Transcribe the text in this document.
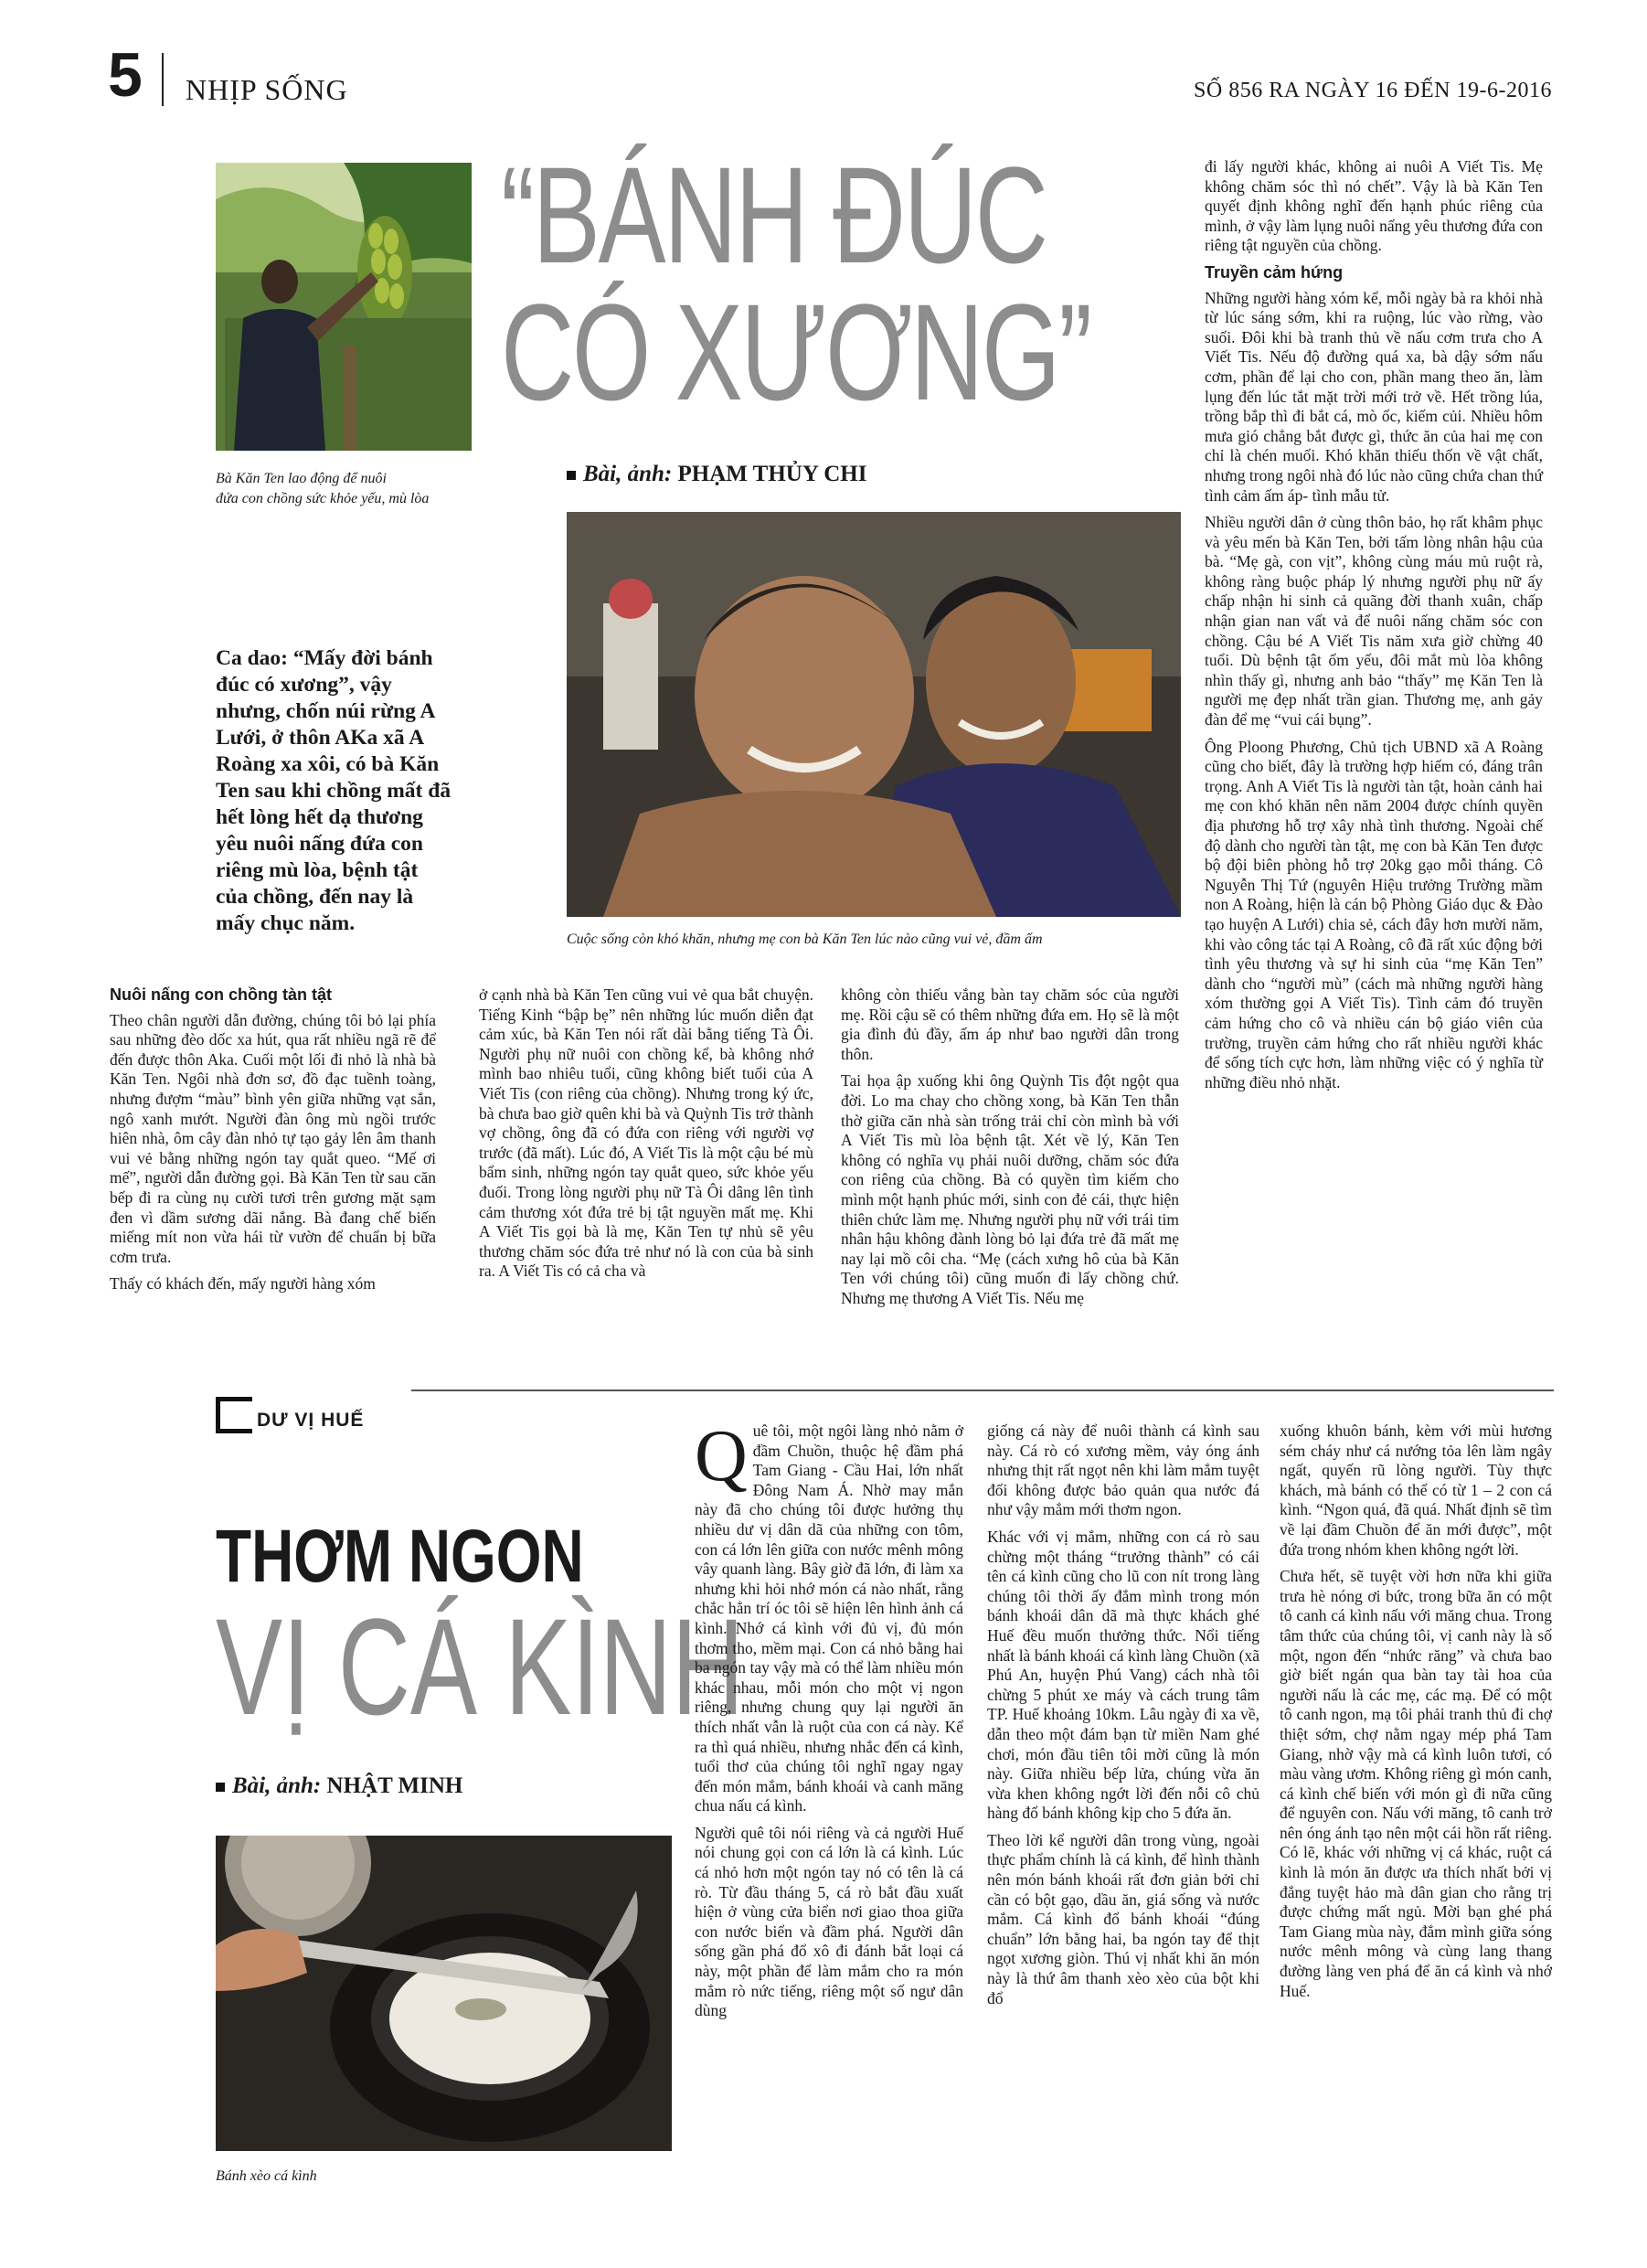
5 NHỊP SỐNG	SỐ 856 RA NGÀY 16 ĐẾN 19-6-2016
Bà Kăn Ten lao động để nuôi
đứa con chồng sức khỏe yếu, mù lòa
“BÁNH ĐÚC
CÓ XƯƠNG”
Bài, ảnh: PHẠM THỦY CHI
Cuộc sống còn khó khăn, nhưng mẹ con bà Kăn Ten lúc nào cũng vui vẻ, đầm ấm
Ca dao: “Mấy đời bánh đúc có xương”, vậy nhưng, chốn núi rừng A Lưới, ở thôn AKa xã A Roàng xa xôi, có bà Kăn Ten sau khi chồng mất đã hết lòng hết dạ thương yêu nuôi nấng đứa con riêng mù lòa, bệnh tật của chồng, đến nay là mấy chục năm.
Nuôi nấng con chồng tàn tật

Theo chân người dẫn đường, chúng tôi bỏ lại phía sau những đèo dốc xa hút, qua rất nhiều ngã rẽ để đến được thôn Aka. Cuối một lối đi nhỏ là nhà bà Kăn Ten. Ngôi nhà đơn sơ, đồ đạc tuềnh toàng, nhưng đượm “màu” bình yên giữa những vạt sắn, ngô xanh mướt. Người đàn ông mù ngồi trước hiên nhà, ôm cây đàn nhỏ tự tạo gảy lên âm thanh vui vẻ bằng những ngón tay quắt queo. “Mế ơi mế”, người dẫn đường gọi. Bà Kăn Ten từ sau căn bếp đi ra cùng nụ cười tươi trên gương mặt sạm đen vì dầm sương dãi nắng. Bà đang chế biến miếng mít non vừa hái từ vườn để chuẩn bị bữa cơm trưa.

Thấy có khách đến, mấy người hàng xóm

ở cạnh nhà bà Kăn Ten cũng vui vẻ qua bắt chuyện. Tiếng Kinh “bập bẹ” nên những lúc muốn diễn đạt cảm xúc, bà Kăn Ten nói rất dài bằng tiếng Tà Ôi. Người phụ nữ nuôi con chồng kể, bà không nhớ mình bao nhiêu tuổi, cũng không biết tuổi của A Viết Tis (con riêng của chồng). Nhưng trong ký ức, bà chưa bao giờ quên khi bà và Quỳnh Tis trở thành vợ chồng, ông đã có đứa con riêng với người vợ trước (đã mất). Lúc đó, A Viết Tis là một cậu bé mù bẩm sinh, những ngón tay quắt queo, sức khỏe yếu đuối. Trong lòng người phụ nữ Tà Ôi dâng lên tình cảm thương xót đứa trẻ bị tật nguyền mất mẹ. Khi A Viết Tis gọi bà là mẹ, Kăn Ten tự nhủ sẽ yêu thương chăm sóc đứa trẻ như nó là con của bà sinh ra. A Viết Tis có cả cha và

không còn thiếu vắng bàn tay chăm sóc của người mẹ. Rồi cậu sẽ có thêm những đứa em. Họ sẽ là một gia đình đủ đầy, ấm áp như bao người dân trong thôn.

Tai họa ập xuống khi ông Quỳnh Tis đột ngột qua đời. Lo ma chay cho chồng xong, bà Kăn Ten thẫn thờ giữa căn nhà sàn trống trải chỉ còn mình bà với A Viết Tis mù lòa bệnh tật. Xét về lý, Kăn Ten không có nghĩa vụ phải nuôi dưỡng, chăm sóc đứa con riêng của chồng. Bà có quyền tìm kiếm cho mình một hạnh phúc mới, sinh con đẻ cái, thực hiện thiên chức làm mẹ. Nhưng người phụ nữ với trái tim nhân hậu không đành lòng bỏ lại đứa trẻ đã mất mẹ nay lại mồ côi cha. “Mẹ (cách xưng hô của bà Kăn Ten với chúng tôi) cũng muốn đi lấy chồng chứ. Nhưng mẹ thương A Viết Tis. Nếu mẹ

đi lấy người khác, không ai nuôi A Viết Tis. Mẹ không chăm sóc thì nó chết”. Vậy là bà Kăn Ten quyết định không nghĩ đến hạnh phúc riêng của mình, ở vậy làm lụng nuôi nấng yêu thương đứa con riêng tật nguyền của chồng.

Truyền cảm hứng

Những người hàng xóm kể, mỗi ngày bà ra khỏi nhà từ lúc sáng sớm, khi ra ruộng, lúc vào rừng, vào suối. Đôi khi bà tranh thủ về nấu cơm trưa cho A Viết Tis. Nếu độ đường quá xa, bà dậy sớm nấu cơm, phần để lại cho con, phần mang theo ăn, làm lụng đến lúc tắt mặt trời mới trở về. Hết trồng lúa, trồng bắp thì đi bắt cá, mò ốc, kiếm củi. Nhiều hôm mưa gió chẳng bắt được gì, thức ăn của hai mẹ con chỉ là chén muối. Khó khăn thiếu thốn về vật chất, nhưng trong ngôi nhà đó lúc nào cũng chứa chan thứ tình cảm ấm áp- tình mẫu tử.

Nhiều người dân ở cùng thôn bảo, họ rất khâm phục và yêu mến bà Kăn Ten, bởi tấm lòng nhân hậu của bà. “Mẹ gà, con vịt”, không cùng máu mủ ruột rà, không ràng buộc pháp lý nhưng người phụ nữ ấy chấp nhận hi sinh cả quãng đời thanh xuân, chấp nhận gian nan vất vả để nuôi nấng chăm sóc con chồng. Cậu bé A Viết Tis năm xưa giờ chừng 40 tuổi. Dù bệnh tật ốm yếu, đôi mắt mù lòa không nhìn thấy gì, nhưng anh bảo “thấy” mẹ Kăn Ten là người mẹ đẹp nhất trần gian. Thương mẹ, anh gảy đàn để mẹ “vui cái bụng”.

Ông Ploong Phương, Chủ tịch UBND xã A Roàng cũng cho biết, đây là trường hợp hiếm có, đáng trân trọng. Anh A Viết Tis là người tàn tật, hoàn cảnh hai mẹ con khó khăn nên năm 2004 được chính quyền địa phương hỗ trợ xây nhà tình thương. Ngoài chế độ dành cho người tàn tật, mẹ con bà Kăn Ten được bộ đội biên phòng hỗ trợ 20kg gạo mỗi tháng. Cô Nguyễn Thị Tứ (nguyên Hiệu trưởng Trường mầm non A Roàng, hiện là cán bộ Phòng Giáo dục & Đào tạo huyện A Lưới) chia sẻ, cách đây hơn mười năm, khi vào công tác tại A Roàng, cô đã rất xúc động bởi tình yêu thương và sự hi sinh của “mẹ Kăn Ten” dành cho “người mù” (cách mà những người hàng xóm thường gọi A Viết Tis). Tình cảm đó truyền cảm hứng cho cô và nhiều cán bộ giáo viên của trường, truyền cảm hứng cho rất nhiều người khác để sống tích cực hơn, làm những việc có ý nghĩa từ những điều nhỏ nhặt.

DƯ VỊ HUẾ
THƠM NGON
VỊ CÁ KÌNH
Bài, ảnh: NHẬT MINH
Bánh xèo cá kình

Quê tôi, một ngôi làng nhỏ nằm ở đầm Chuồn, thuộc hệ đầm phá Tam Giang - Cầu Hai, lớn nhất Đông Nam Á. Nhờ may mắn này đã cho chúng tôi được hưởng thụ nhiều dư vị dân dã của những con tôm, con cá lớn lên giữa con nước mênh mông vây quanh làng. Bây giờ đã lớn, đi làm xa nhưng khi hỏi nhớ món cá nào nhất, rằng chắc hẳn trí óc tôi sẽ hiện lên hình ảnh cá kình. Nhớ cá kình với đủ vị, đủ món thơm tho, mềm mại. Con cá nhỏ bằng hai ba ngón tay vậy mà có thể làm nhiều món khác nhau, mỗi món cho một vị ngon riêng, nhưng chung quy lại người ăn thích nhất vẫn là ruột của con cá này. Kể ra thì quá nhiều, nhưng nhắc đến cá kình, tuổi thơ của chúng tôi nghĩ ngay ngay đến món mắm, bánh khoái và canh măng chua nấu cá kình.

Người quê tôi nói riêng và cả người Huế nói chung gọi con cá lớn là cá kình. Lúc cá nhỏ hơn một ngón tay nó có tên là cá rò. Từ đầu tháng 5, cá rò bắt đầu xuất hiện ở vùng cửa biển nơi giao thoa giữa con nước biển và đầm phá. Người dân sống gần phá đổ xô đi đánh bắt loại cá này, một phần để làm mắm cho ra món mắm rò nức tiếng, riêng một số ngư dân dùng

giống cá này để nuôi thành cá kình sau này. Cá rò có xương mềm, vảy óng ánh nhưng thịt rất ngọt nên khi làm mắm tuyệt đối không được bảo quản qua nước đá như vậy mắm mới thơm ngon.

Khác với vị mắm, những con cá rò sau chừng một tháng “trưởng thành” có cái tên cá kình cũng cho lũ con nít trong làng chúng tôi thời ấy đắm mình trong món bánh khoái dân dã mà thực khách ghé Huế đều muốn thưởng thức. Nổi tiếng nhất là bánh khoái cá kình làng Chuồn (xã Phú An, huyện Phú Vang) cách nhà tôi chừng 5 phút xe máy và cách trung tâm TP. Huế khoảng 10km. Lâu ngày đi xa về, dẫn theo một đám bạn từ miền Nam ghé chơi, món đầu tiên tôi mời cũng là món này. Giữa nhiều bếp lửa, chúng vừa ăn vừa khen không ngớt lời đến nỗi cô chủ hàng đổ bánh không kịp cho 5 đứa ăn.

Theo lời kể người dân trong vùng, ngoài thực phẩm chính là cá kình, để hình thành nên món bánh khoái rất đơn giản bởi chỉ cần có bột gạo, dầu ăn, giá sống và nước mắm. Cá kình đổ bánh khoái “đúng chuẩn” lớn bằng hai, ba ngón tay để thịt ngọt xương giòn. Thú vị nhất khi ăn món này là thứ âm thanh xèo xèo của bột khi đổ

xuống khuôn bánh, kèm với mùi hương sém cháy như cá nướng tỏa lên làm ngây ngất, quyến rũ lòng người. Tùy thực khách, mà bánh có thể có từ 1 – 2 con cá kình. “Ngon quá, đã quá. Nhất định sẽ tìm về lại đầm Chuồn để ăn mới được”, một đứa trong nhóm khen không ngớt lời.

Chưa hết, sẽ tuyệt vời hơn nữa khi giữa trưa hè nóng ơi bức, trong bữa ăn có một tô canh cá kình nấu với măng chua. Trong tâm thức của chúng tôi, vị canh này là số một, ngon đến “nhức răng” và chưa bao giờ biết ngán qua bàn tay tài hoa của người nấu là các mẹ, các mạ. Để có một tô canh ngon, mạ tôi phải tranh thủ đi chợ thiệt sớm, chợ nằm ngay mép phá Tam Giang, nhờ vậy mà cá kình luôn tươi, có màu vàng ươm. Không riêng gì món canh, cá kình chế biến với món gì đi nữa cũng để nguyên con. Nấu với măng, tô canh trở nên óng ánh tạo nên một cái hồn rất riêng. Có lẽ, khác với những vị cá khác, ruột cá kình là món ăn được ưa thích nhất bởi vị đắng tuyệt hảo mà dân gian cho rằng trị được chứng mất ngủ. Mời bạn ghé phá Tam Giang mùa này, đắm mình giữa sóng nước mênh mông và cùng lang thang đường làng ven phá để ăn cá kình và nhớ Huế.
